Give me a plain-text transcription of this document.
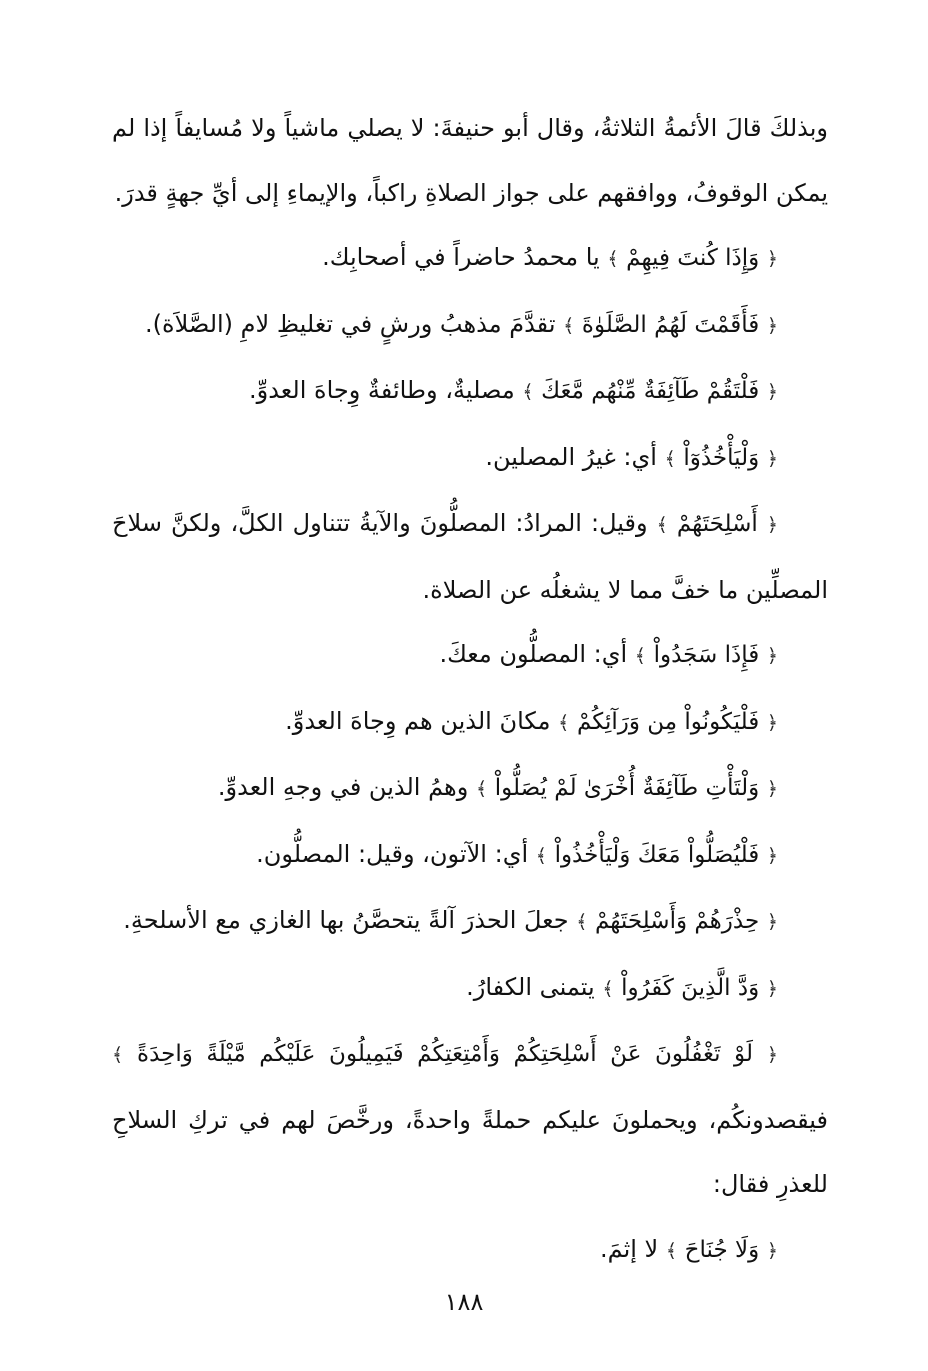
وبذلكَ قالَ الأئمةُ الثلاثةُ، وقال أبو حنيفةَ: لا يصلي ماشياً ولا مُسايفاً إذا لم يمكن الوقوفُ، ووافقهم على جواز الصلاةِ راكباً، والإيماءِ إلى أيِّ جهةٍ قدرَ.

﴿ وَإِذَا كُنتَ فِيهِمْ ﴾ يا محمدُ حاضراً في أصحابِك.

﴿ فَأَقَمْتَ لَهُمُ الصَّلَوٰةَ ﴾ تقدَّمَ مذهبُ ورشٍ في تغليظِ لامِ (الصَّلاَة).

﴿ فَلْتَقُمْ طَآئِفَةٌ مِّنْهُم مَّعَكَ ﴾ مصليةٌ، وطائفةٌ وِجاهَ العدوِّ.

﴿ وَلْيَأْخُذُوٓاْ ﴾ أي: غيرُ المصلين.

﴿ أَسْلِحَتَهُمْ ﴾ وقيل: المرادُ: المصلُّونَ والآيةُ تتناول الكلَّ، ولكنَّ سلاحَ المصلِّين ما خفَّ مما لا يشغلُه عن الصلاة.

﴿ فَإِذَا سَجَدُواْ ﴾ أي: المصلُّون معكَ.

﴿ فَلْيَكُونُواْ مِن وَرَآئِكُمْ ﴾ مكانَ الذين هم وِجاهَ العدوِّ.

﴿ وَلْتَأْتِ طَآئِفَةٌ أُخْرَىٰ لَمْ يُصَلُّواْ ﴾ وهمُ الذين في وجهِ العدوِّ.

﴿ فَلْيُصَلُّواْ مَعَكَ وَلْيَأْخُذُواْ ﴾ أي: الآتون، وقيل: المصلُّون.

﴿ حِذْرَهُمْ وَأَسْلِحَتَهُمْ ﴾ جعلَ الحذرَ آلةً يتحصَّنُ بها الغازي مع الأسلحةِ.

﴿ وَدَّ الَّذِينَ كَفَرُواْ ﴾ يتمنى الكفارُ.

﴿ لَوْ تَغْفُلُونَ عَنْ أَسْلِحَتِكُمْ وَأَمْتِعَتِكُمْ فَيَمِيلُونَ عَلَيْكُم مَّيْلَةً وَاحِدَةً ﴾ فيقصدونكُم، ويحملونَ عليكم حملةً واحدةً، ورخَّصَ لهم في تركِ السلاحِ للعذرِ فقال:

﴿ وَلَا جُنَاحَ ﴾ لا إثمَ.

١٨٨
